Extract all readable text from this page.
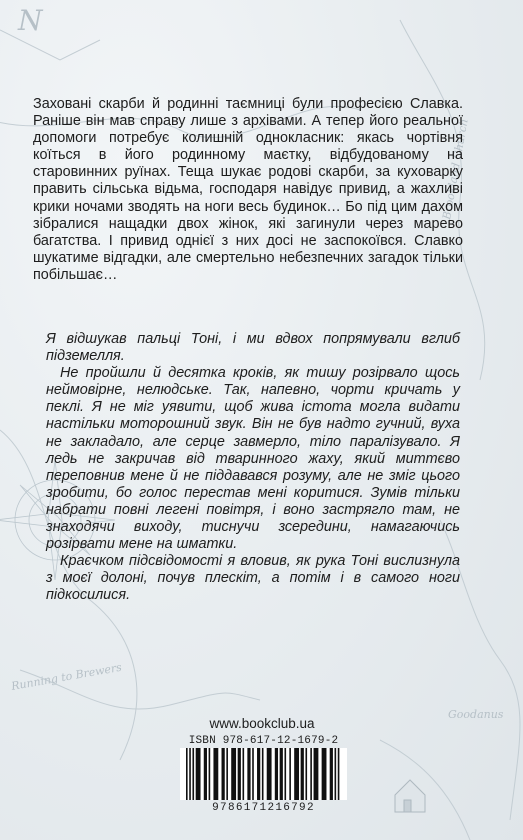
N
Brookland Church
Running to Brewers
Goodanus

Заховані скарби й родинні таємниці були професією Славка. Раніше він мав справу лише з архівами. А тепер його реальної допомоги потребує колишній однокласник: якась чортівня коїться в його родинному маєтку, відбудованому на старовинних руїнах. Теща шукає родові скарби, за куховарку править сільська відьма, господаря навідує привид, а жахливі крики ночами зводять на ноги весь будинок… Бо під цим дахом зібралися нащадки двох жінок, які загинули через марево багатства. І привид однієї з них досі не заспокоївся. Славко шукатиме відгадки, але смертельно небезпечних загадок тільки побільшає…

Я відшукав пальці Тоні, і ми вдвох попрямували вглиб підземелля.

Не пройшли й десятка кроків, як тишу розірвало щось неймовірне, нелюдське. Так, напевно, чорти кричать у пеклі. Я не міг уявити, щоб жива істота могла видати настільки моторошний звук. Він не був надто гучний, вуха не закладало, але серце завмерло, тіло паралізувало. Я ледь не закричав від тваринного жаху, який миттєво переповнив мене й не піддавався розуму, але не зміг цього зробити, бо голос перестав мені коритися. Зумів тільки набрати повні легені повітря, і воно застрягло там, не знаходячи виходу, тиснучи зсередини, намагаючись розірвати мене на шматки.

Краєчком підсвідомості я вловив, як рука Тоні вислизнула з моєї долоні, почув плескіт, а потім і в самого ноги підкосилися.

www.bookclub.ua
ISBN 978-617-12-1679-2
9786171216792
